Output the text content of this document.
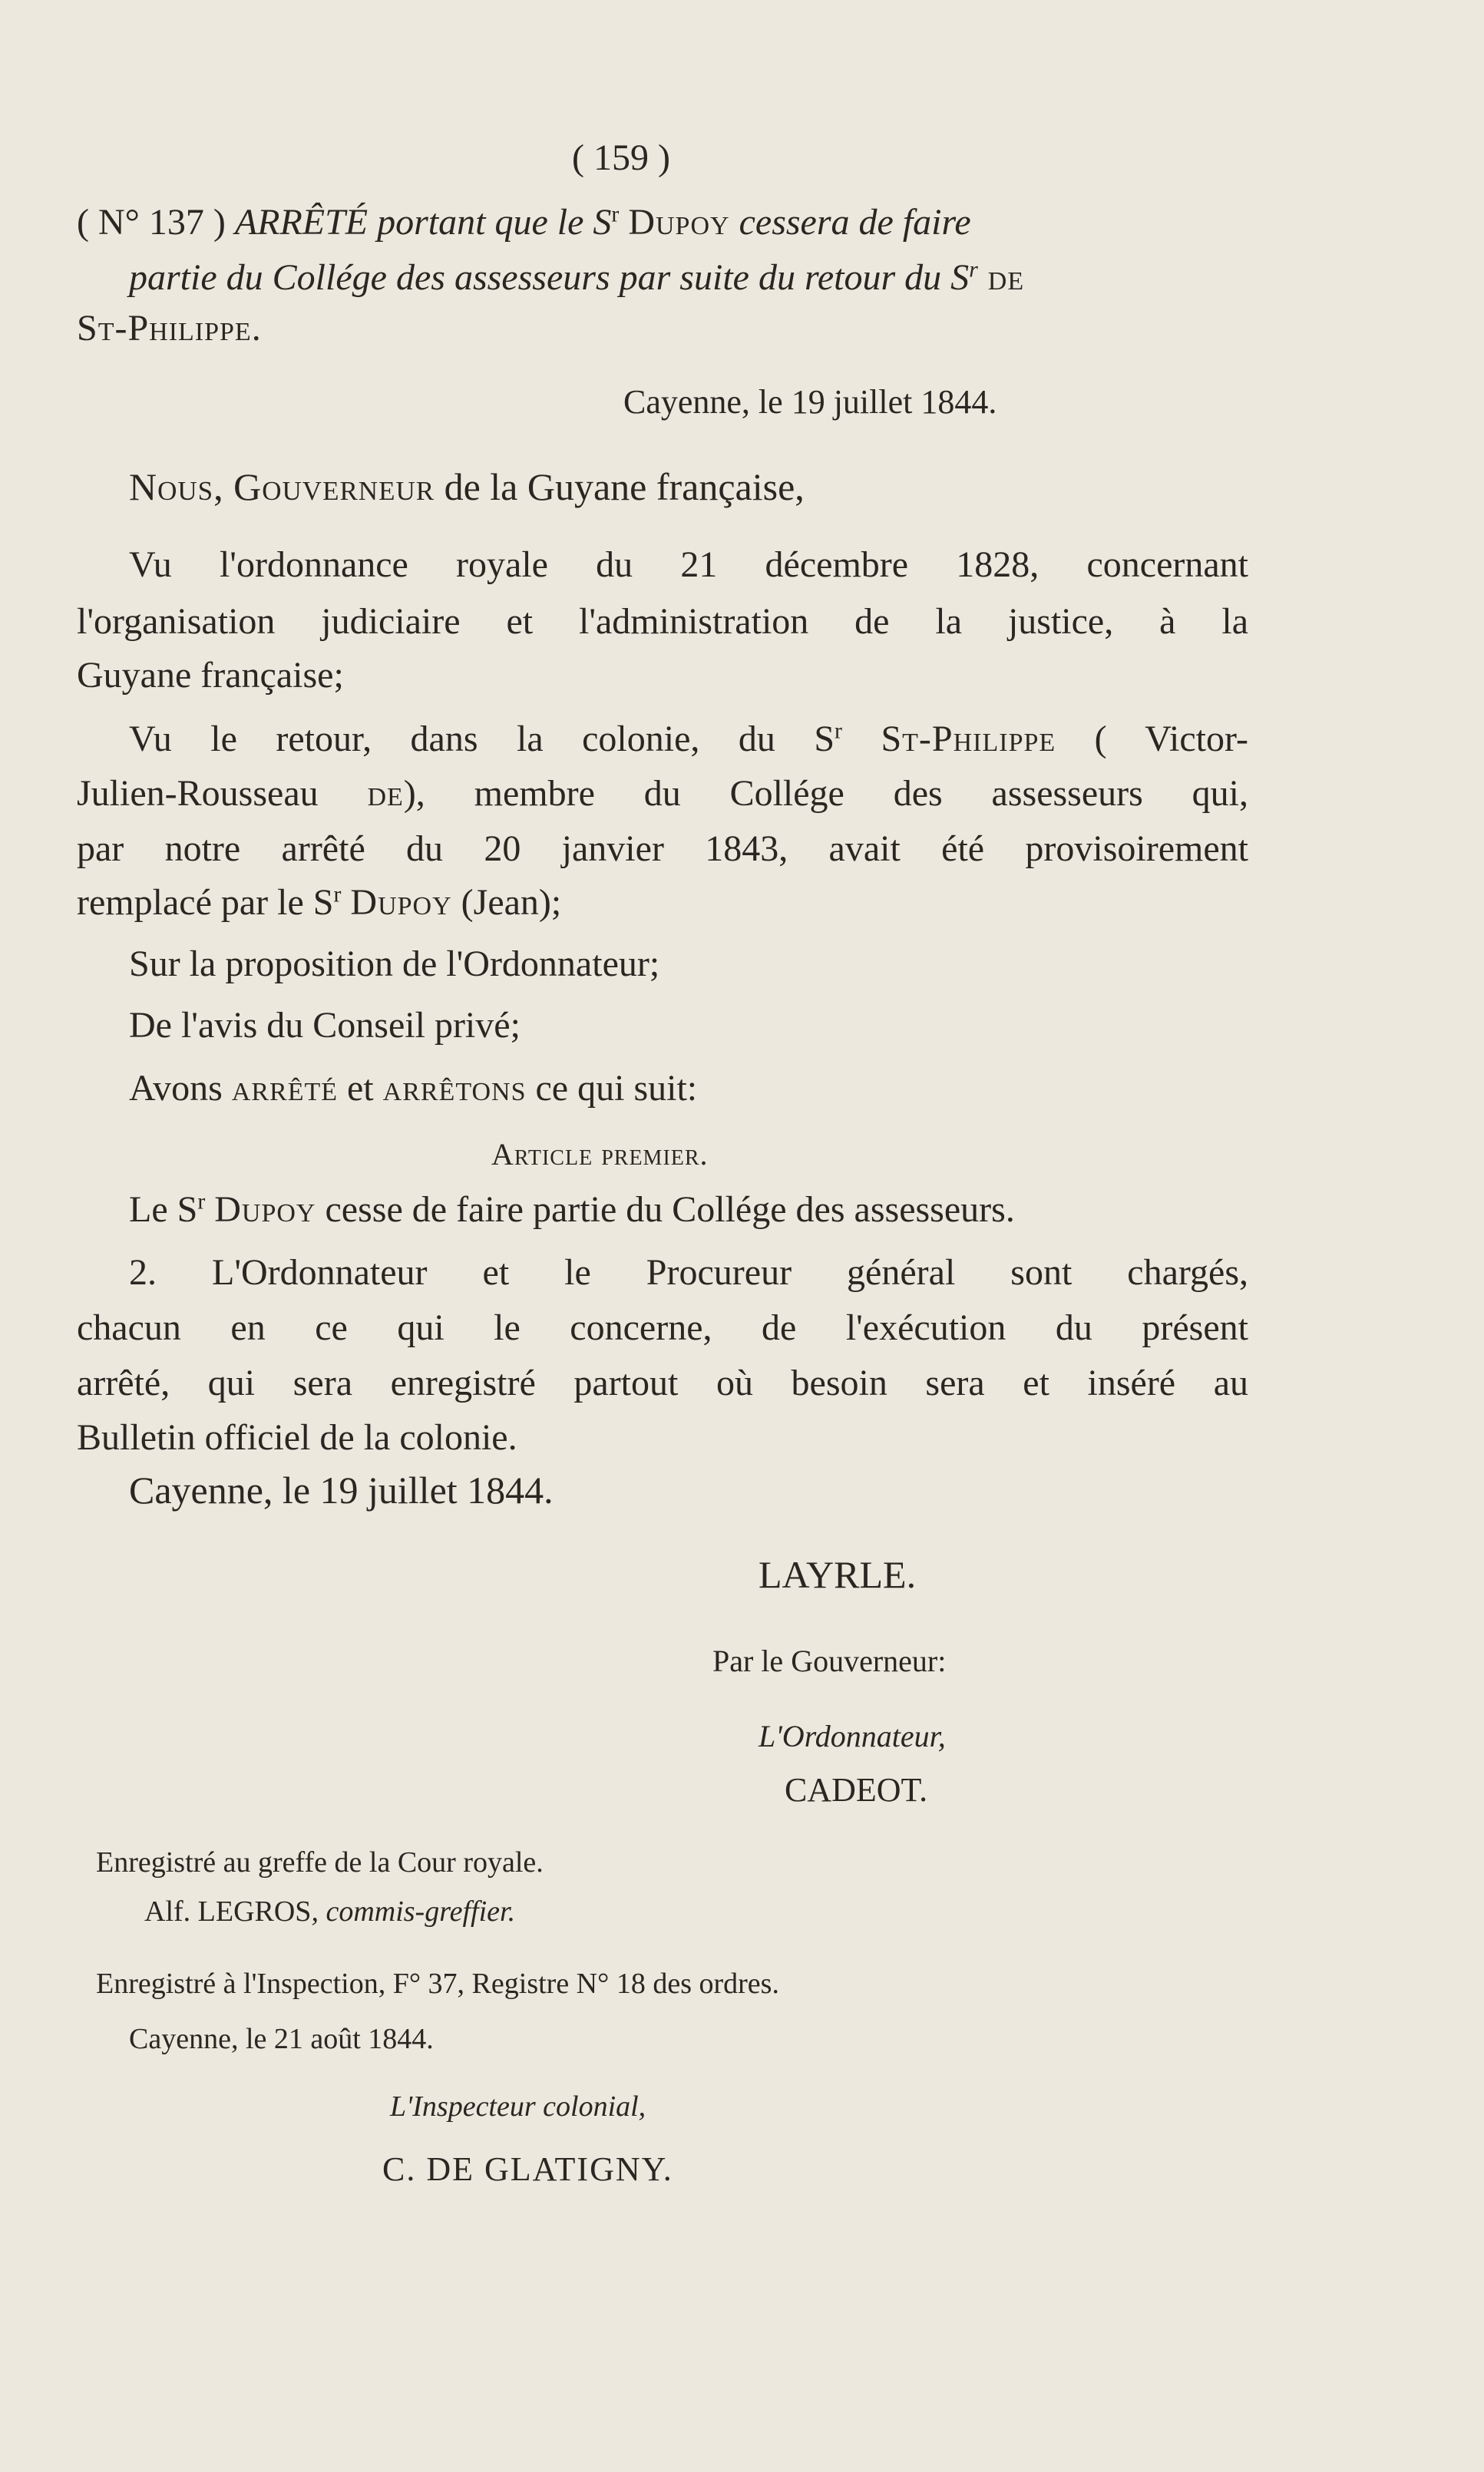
( 159 )
( N° 137 ) ARRÊTÉ portant que le $S^r$ Dupoy cessera de faire
partie du Collége des assesseurs par suite du retour du $S^r$ de
St-Philippe.
Cayenne, le 19 juillet 1844.
Nous, Gouverneur de la Guyane française,
Vu l'ordonnance royale du 21 décembre 1828, concernant
l'organisation judiciaire et l'administration de la justice, à la
Guyane française;
Vu le retour, dans la colonie, du $S^r$ St-Philippe ( Victor-
Julien-Rousseau de), membre du Collége des assesseurs qui,
par notre arrêté du 20 janvier 1843, avait été provisoirement
remplacé par le $S^r$ Dupoy (Jean);
Sur la proposition de l'Ordonnateur;
De l'avis du Conseil privé;
Avons arrêté et arrêtons ce qui suit:
Article premier.
Le $S^r$ Dupoy cesse de faire partie du Collége des assesseurs.
2. L'Ordonnateur et le Procureur général sont chargés,
chacun en ce qui le concerne, de l'exécution du présent
arrêté, qui sera enregistré partout où besoin sera et inséré au
Bulletin officiel de la colonie.
Cayenne, le 19 juillet 1844.
LAYRLE.
Par le Gouverneur:
L'Ordonnateur,
CADEOT.
Enregistré au greffe de la Cour royale.
Alf. LEGROS, commis-greffier.
Enregistré à l'Inspection, F° 37, Registre N° 18 des ordres.
Cayenne, le 21 août 1844.
L'Inspecteur colonial,
C. DE GLATIGNY.
